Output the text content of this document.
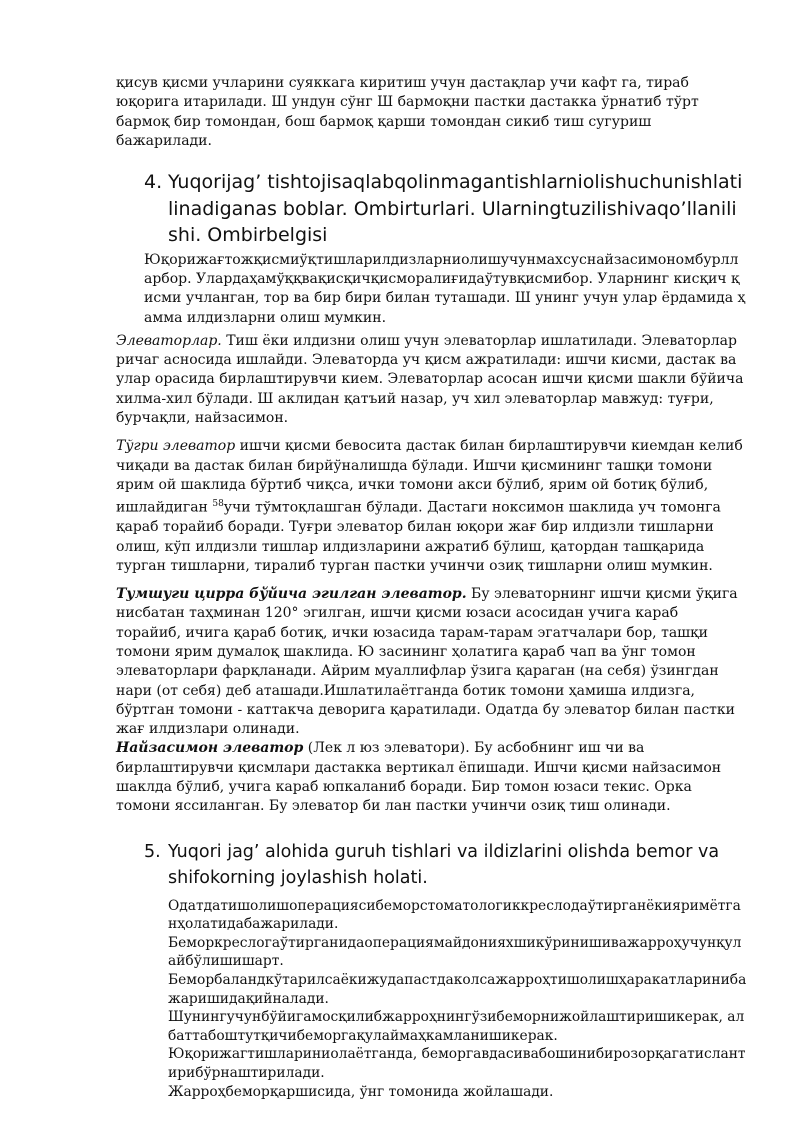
қисув қисми учларини суяккага киритиш учун дастақлар учи кафт га, тираб юқорига итарилади. Ш ундун сўнг Ш бармоқни пастки дастакка ўрнатиб тўрт бармоқ бир томондан, бош бармоқ қарши томондан сикиб тиш сугуриш бажарилади.

4. Yuqorijag’ tishtojisaqlabqolinmagantishlarniolishuchunishlatilinadiganas boblar. Ombirturlari. Ularningtuzilishivaqo’llanilishi. Ombirbelgisi

Юқорижағтожқисмиўқтишларилдизларниолишучунмахсуснайзасимономбурлларбор. Улардаҳамўққвақисқичқисморалиғидаўтувқисмибор. Уларнинг кисқич қисми учланган, тор ва бир бири билан туташади. Ш унинг учун улар ёрдамида ҳамма илдизларни олиш мумкин.

Элеваторлар. Тиш ёки илдизни олиш учун элеваторлар ишлатилади. Элеваторлар ричаг асносида ишлайди. Элеваторда уч қисм ажратилади: ишчи кисми, дастак ва улар орасида бирлаштирувчи кием. Элеваторлар асосан ишчи қисми шакли бўйича хилма-хил бўлади. Ш аклидан қатъий назар, уч хил элеваторлар мавжуд: туғри, бурчақли, найзасимон.

Тўгри элеватор ишчи қисми бевосита дастак билан бирлаштирувчи киемдан келиб чиқади ва дастак билан бирйўналишда бўлади. Ишчи қисмининг ташқи томони ярим ой шаклида бўртиб чиқса, ички томони акси бўлиб, ярим ой ботиқ бўлиб, ишлайдиган $^{58}$учи тўмтоқлашган бўлади. Дастаги ноксимон шаклида уч томонга қараб торайиб боради. Туғри элеватор билан юқори жағ бир илдизли тишларни олиш, кўп илдизли тишлар илдизларини ажратиб бўлиш, қатордан ташқарида турган тишларни, тиралиб турган пастки учинчи озиқ тишларни олиш мумкин.

Тумшуги цирра бўйича эгилган элеватор. Бу элеваторнинг ишчи қисми ўқига нисбатан таҳминан 120° эгилган, ишчи қисми юзаси асосидан учига караб торайиб, ичига қараб ботиқ, ички юзасида тарам-тарам эгатчалари бор, ташқи томони ярим думалоқ шаклида. Ю засининг ҳолатига қараб чап ва ўнг томон элеваторлари фарқланади. Айрим муаллифлар ўзига қараган (на себя) ўзингдан нари (от себя) деб аташади.Ишлатилаётганда ботик томони ҳамиша илдизга, бўртган томони - каттакча деворига қаратилади. Одатда бу элеватор билан пастки жағ илдизлари олинади.

Найзасимон элеватор (Лек л юз элеватори). Бу асбобнинг иш чи ва бирлаштирувчи қисмлари дастакка вертикал ёпишади. Ишчи қисми найзасимон шаклда бўлиб, учига караб юпкаланиб боради. Бир томон юзаси текис. Орка томони яссиланган. Бу элеватор би лан пастки учинчи озиқ тиш олинади.

5. Yuqori jag’ alohida guruh tishlari va ildizlarini olishda bemor va shifokorning joylashish holati.

Одатдатишолишоперациясибеморстоматологиккреслодаўтирганёкияримётганҳолатидабажарилади.

Беморкреслогаўтирганидаоперациямайдонияхшикўринишиважарроҳучунқулайбўлишишарт.

Беморбаландкўтарилсаёкижудапастдаколсажарроҳтишолишҳаракатларинибажаришидақийналади.

Шунингучунбўйигамосқилибжарроҳнингўзибеморнижойлаштиришикерак, албаттабоштутқичибеморгақулаймаҳкамланишикерак.

Юқорижагтишлариниолаётганда, беморгавдасивабошинибирозорқагатислантирибўрнаштирилади.

Жарроҳбеморқаршисида, ўнг томонида жойлашади.
